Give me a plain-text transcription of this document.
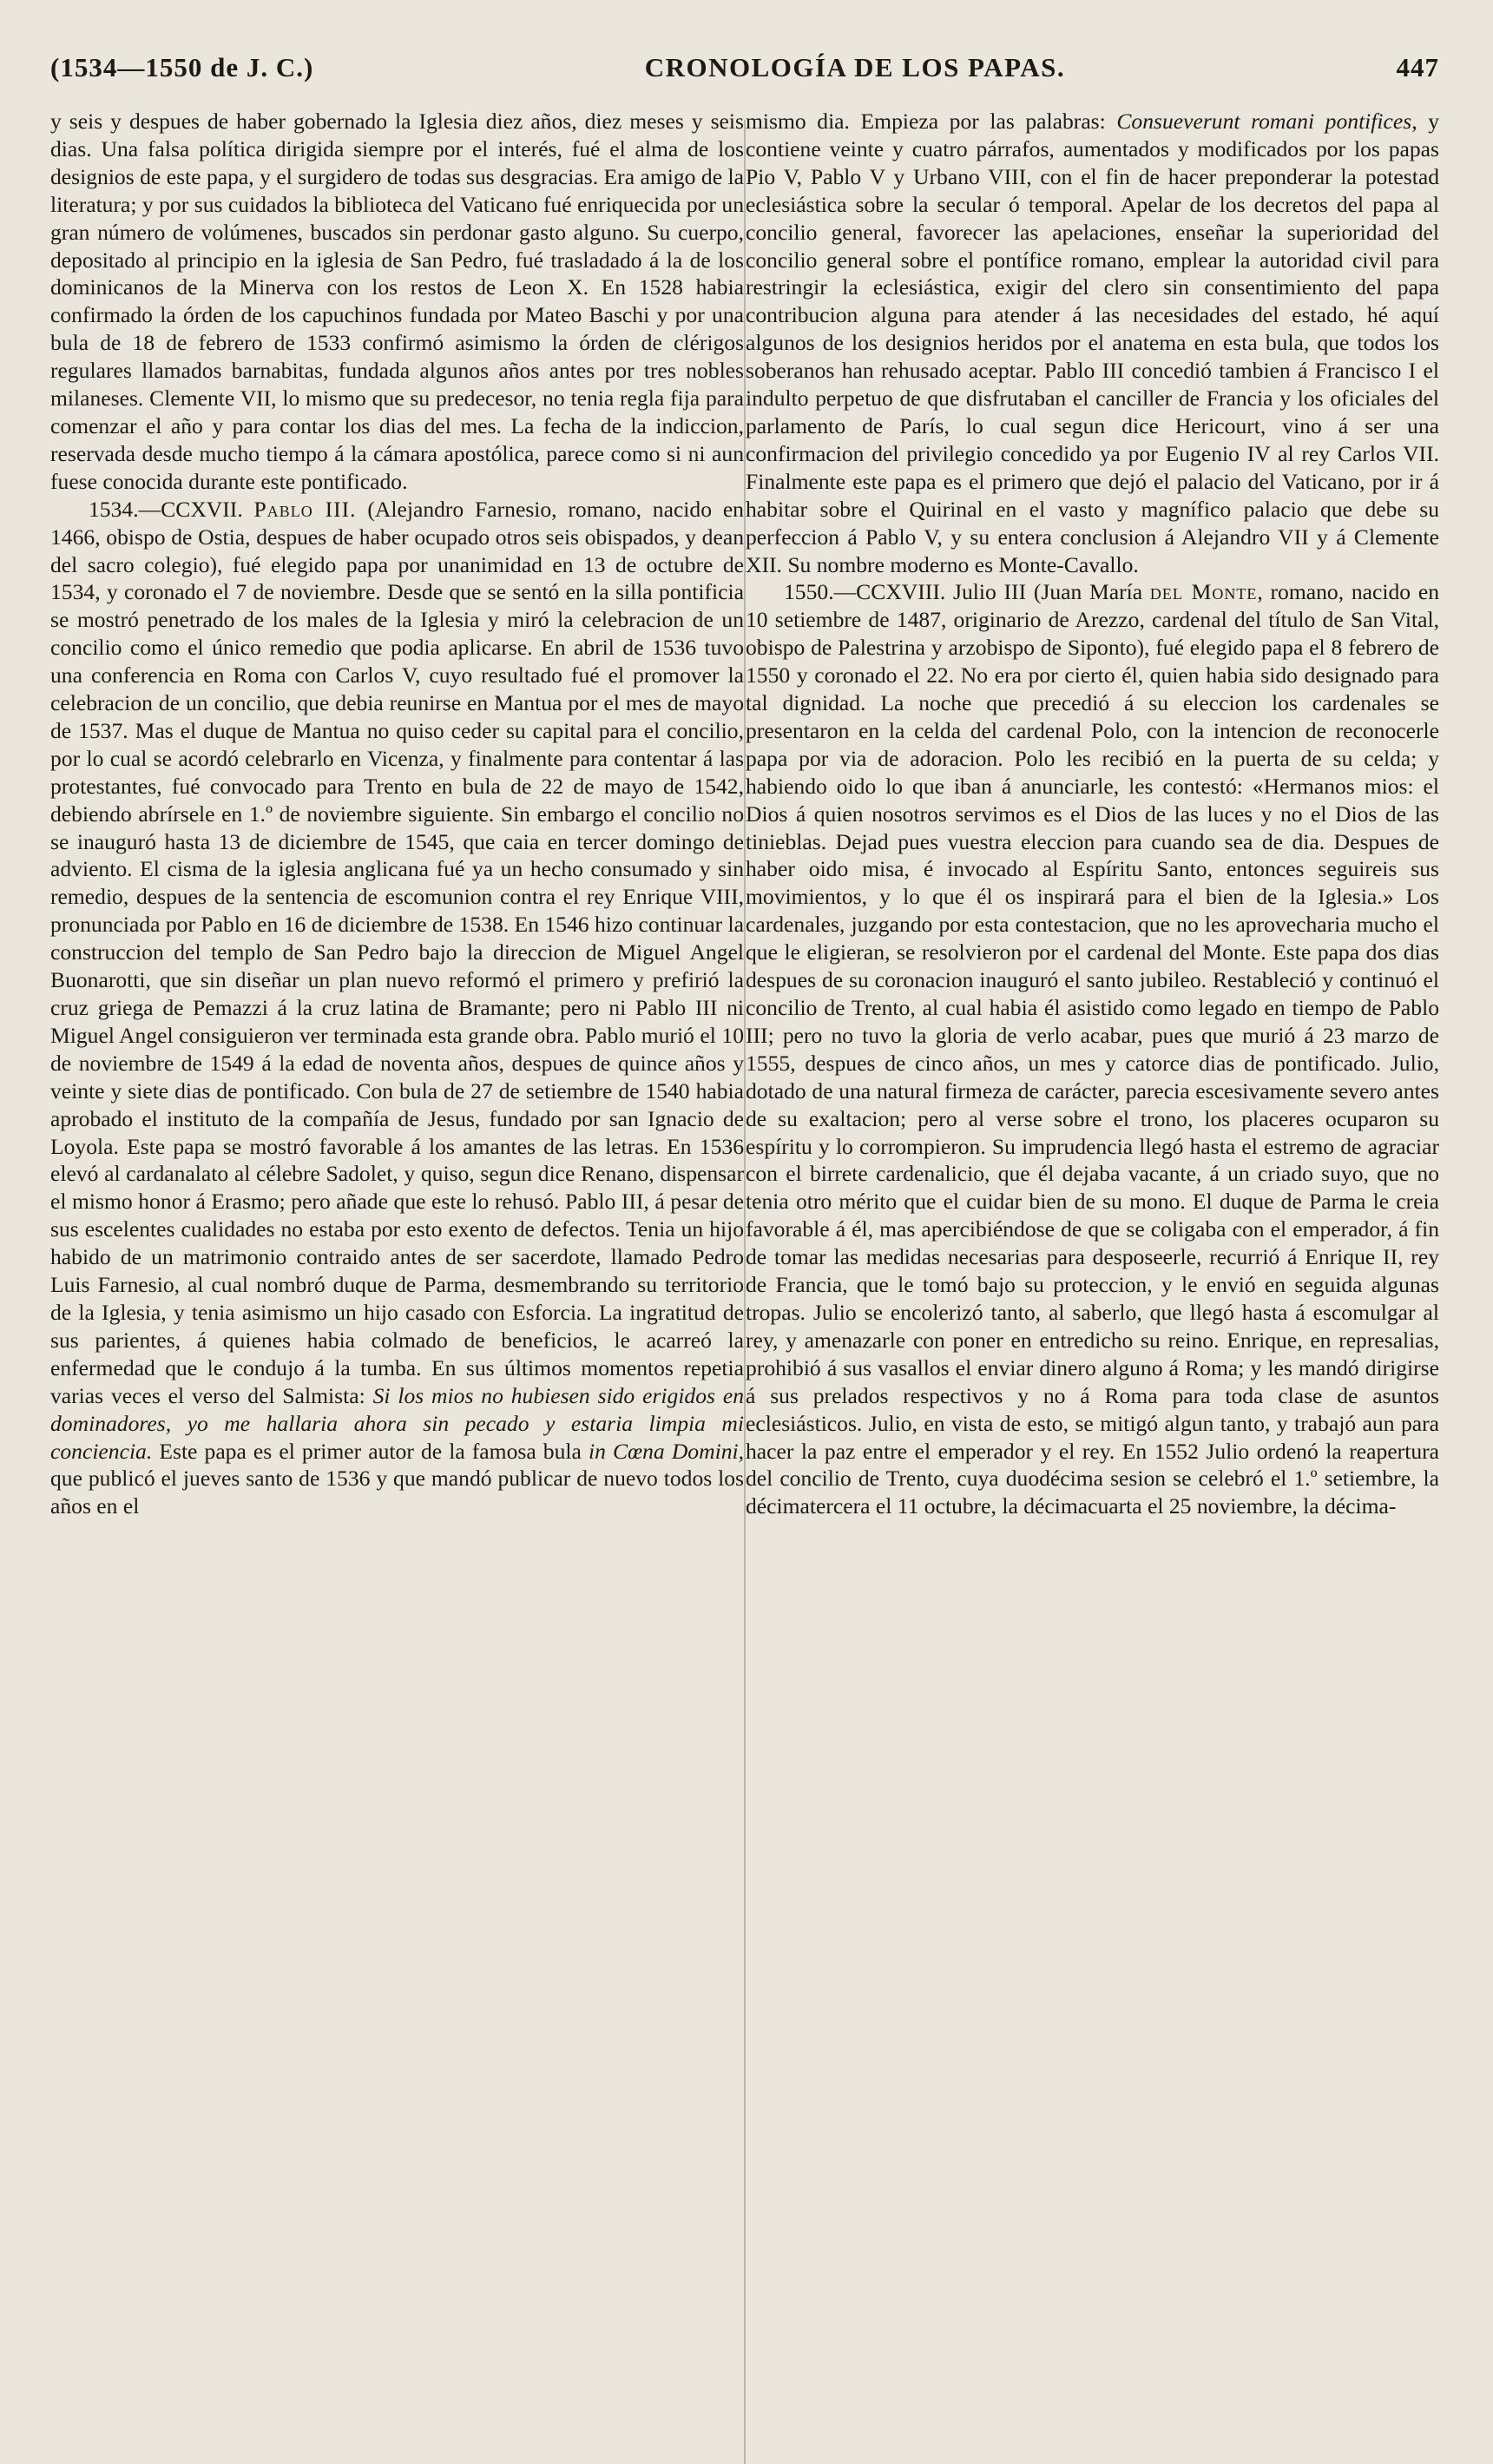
(1534—1550 de J. C.)	CRONOLOGÍA DE LOS PAPAS.	447

y seis y despues de haber gobernado la Iglesia diez años, diez meses y seis dias. Una falsa política dirigida siempre por el interés, fué el alma de los designios de este papa, y el surgidero de todas sus desgracias. Era amigo de la literatura; y por sus cuidados la biblioteca del Vaticano fué enriquecida por un gran número de volúmenes, buscados sin perdonar gasto alguno. Su cuerpo, depositado al principio en la iglesia de San Pedro, fué trasladado á la de los dominicanos de la Minerva con los restos de Leon X. En 1528 habia confirmado la órden de los capuchinos fundada por Mateo Baschi y por una bula de 18 de febrero de 1533 confirmó asimismo la órden de clérigos regulares llamados barnabitas, fundada algunos años antes por tres nobles milaneses. Clemente VII, lo mismo que su predecesor, no tenia regla fija para comenzar el año y para contar los dias del mes. La fecha de la indiccion, reservada desde mucho tiempo á la cámara apostólica, parece como si ni aun fuese conocida durante este pontificado.

1534.—CCXVII. Pablo III. (Alejandro Farnesio, romano, nacido en 1466, obispo de Ostia, despues de haber ocupado otros seis obispados, y dean del sacro colegio), fué elegido papa por unanimidad en 13 de octubre de 1534, y coronado el 7 de noviembre. Desde que se sentó en la silla pontificia se mostró penetrado de los males de la Iglesia y miró la celebracion de un concilio como el único remedio que podia aplicarse. En abril de 1536 tuvo una conferencia en Roma con Carlos V, cuyo resultado fué el promover la celebracion de un concilio, que debia reunirse en Mantua por el mes de mayo de 1537. Mas el duque de Mantua no quiso ceder su capital para el concilio, por lo cual se acordó celebrarlo en Vicenza, y finalmente para contentar á las protestantes, fué convocado para Trento en bula de 22 de mayo de 1542, debiendo abrírsele en 1.º de noviembre siguiente. Sin embargo el concilio no se inauguró hasta 13 de diciembre de 1545, que caia en tercer domingo de adviento. El cisma de la iglesia anglicana fué ya un hecho consumado y sin remedio, despues de la sentencia de escomunion contra el rey Enrique VIII, pronunciada por Pablo en 16 de diciembre de 1538. En 1546 hizo continuar la construccion del templo de San Pedro bajo la direccion de Miguel Angel Buonarotti, que sin diseñar un plan nuevo reformó el primero y prefirió la cruz griega de Pemazzi á la cruz latina de Bramante; pero ni Pablo III ni Miguel Angel consiguieron ver terminada esta grande obra. Pablo murió el 10 de noviembre de 1549 á la edad de noventa años, despues de quince años y veinte y siete dias de pontificado. Con bula de 27 de setiembre de 1540 habia aprobado el instituto de la compañía de Jesus, fundado por san Ignacio de Loyola. Este papa se mostró favorable á los amantes de las letras. En 1536 elevó al cardanalato al célebre Sadolet, y quiso, segun dice Renano, dispensar el mismo honor á Erasmo; pero añade que este lo rehusó. Pablo III, á pesar de sus escelentes cualidades no estaba por esto exento de defectos. Tenia un hijo habido de un matrimonio contraido antes de ser sacerdote, llamado Pedro Luis Farnesio, al cual nombró duque de Parma, desmembrando su territorio de la Iglesia, y tenia asimismo un hijo casado con Esforcia. La ingratitud de sus parientes, á quienes habia colmado de beneficios, le acarreó la enfermedad que le condujo á la tumba. En sus últimos momentos repetia varias veces el verso del Salmista: Si los mios no hubiesen sido erigidos en dominadores, yo me hallaria ahora sin pecado y estaria limpia mi conciencia. Este papa es el primer autor de la famosa bula in Cœna Domini, que publicó el jueves santo de 1536 y que mandó publicar de nuevo todos los años en el

mismo dia. Empieza por las palabras: Consueverunt romani pontifices, y contiene veinte y cuatro párrafos, aumentados y modificados por los papas Pio V, Pablo V y Urbano VIII, con el fin de hacer preponderar la potestad eclesiástica sobre la secular ó temporal. Apelar de los decretos del papa al concilio general, favorecer las apelaciones, enseñar la superioridad del concilio general sobre el pontífice romano, emplear la autoridad civil para restringir la eclesiástica, exigir del clero sin consentimiento del papa contribucion alguna para atender á las necesidades del estado, hé aquí algunos de los designios heridos por el anatema en esta bula, que todos los soberanos han rehusado aceptar. Pablo III concedió tambien á Francisco I el indulto perpetuo de que disfrutaban el canciller de Francia y los oficiales del parlamento de París, lo cual segun dice Hericourt, vino á ser una confirmacion del privilegio concedido ya por Eugenio IV al rey Carlos VII. Finalmente este papa es el primero que dejó el palacio del Vaticano, por ir á habitar sobre el Quirinal en el vasto y magnífico palacio que debe su perfeccion á Pablo V, y su entera conclusion á Alejandro VII y á Clemente XII. Su nombre moderno es Monte-Cavallo.

1550.—CCXVIII. Julio III (Juan María del Monte, romano, nacido en 10 setiembre de 1487, originario de Arezzo, cardenal del título de San Vital, obispo de Palestrina y arzobispo de Siponto), fué elegido papa el 8 febrero de 1550 y coronado el 22. No era por cierto él, quien habia sido designado para tal dignidad. La noche que precedió á su eleccion los cardenales se presentaron en la celda del cardenal Polo, con la intencion de reconocerle papa por via de adoracion. Polo les recibió en la puerta de su celda; y habiendo oido lo que iban á anunciarle, les contestó: «Hermanos mios: el Dios á quien nosotros servimos es el Dios de las luces y no el Dios de las tinieblas. Dejad pues vuestra eleccion para cuando sea de dia. Despues de haber oido misa, é invocado al Espíritu Santo, entonces seguireis sus movimientos, y lo que él os inspirará para el bien de la Iglesia.» Los cardenales, juzgando por esta contestacion, que no les aprovecharia mucho el que le eligieran, se resolvieron por el cardenal del Monte. Este papa dos dias despues de su coronacion inauguró el santo jubileo. Restableció y continuó el concilio de Trento, al cual habia él asistido como legado en tiempo de Pablo III; pero no tuvo la gloria de verlo acabar, pues que murió á 23 marzo de 1555, despues de cinco años, un mes y catorce dias de pontificado. Julio, dotado de una natural firmeza de carácter, parecia escesivamente severo antes de su exaltacion; pero al verse sobre el trono, los placeres ocuparon su espíritu y lo corrompieron. Su imprudencia llegó hasta el estremo de agraciar con el birrete cardenalicio, que él dejaba vacante, á un criado suyo, que no tenia otro mérito que el cuidar bien de su mono. El duque de Parma le creia favorable á él, mas apercibiéndose de que se coligaba con el emperador, á fin de tomar las medidas necesarias para desposeerle, recurrió á Enrique II, rey de Francia, que le tomó bajo su proteccion, y le envió en seguida algunas tropas. Julio se encolerizó tanto, al saberlo, que llegó hasta á escomulgar al rey, y amenazarle con poner en entredicho su reino. Enrique, en represalias, prohibió á sus vasallos el enviar dinero alguno á Roma; y les mandó dirigirse á sus prelados respectivos y no á Roma para toda clase de asuntos eclesiásticos. Julio, en vista de esto, se mitigó algun tanto, y trabajó aun para hacer la paz entre el emperador y el rey. En 1552 Julio ordenó la reapertura del concilio de Trento, cuya duodécima sesion se celebró el 1.º setiembre, la décimatercera el 11 octubre, la décimacuarta el 25 noviembre, la décima-
